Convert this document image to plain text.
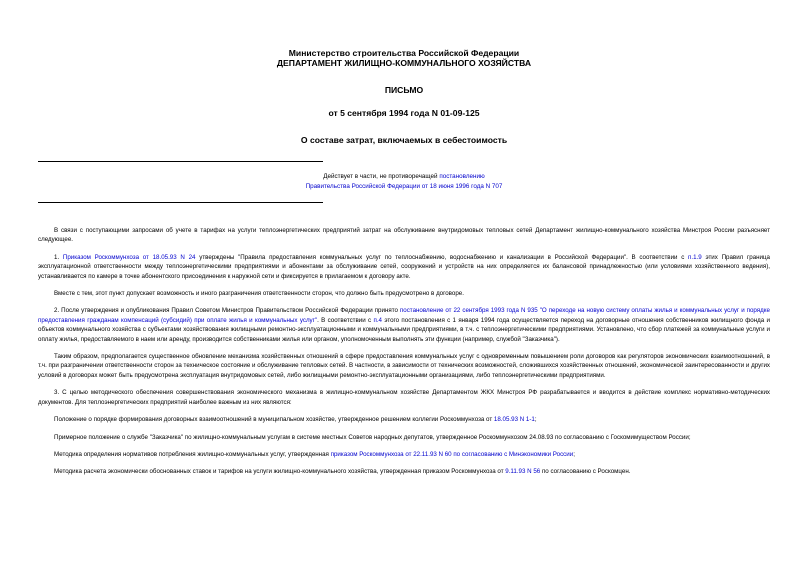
Министерство строительства Российской Федерации

ДЕПАРТАМЕНТ ЖИЛИЩНО-КОММУНАЛЬНОГО ХОЗЯЙСТВА

ПИСЬМО

от 5 сентября 1994 года N 01-09-125

О составе затрат, включаемых в себестоимость

Действует в части, не противоречащей постановлению
Правительства Российской Федерации от 18 июня 1996 года N 707

В связи с поступающими запросами об учете в тарифах на услуги теплоэнергетических предприятий затрат на обслуживание внутридомовых тепловых сетей Департамент жилищно-коммунального хозяйства Минстроя России разъясняет следующее.

1. Приказом Роскоммунхоза от 18.05.93 N 24 утверждены "Правила предоставления коммунальных услуг по теплоснабжению, водоснабжению и канализации в Российской Федерации". В соответствии с п.1.9 этих Правил граница эксплуатационной ответственности между теплоэнергетическими предприятиями и абонентами за обслуживание сетей, сооружений и устройств на них определяется их балансовой принадлежностью (или условиями хозяйственного ведения), устанавливается по камере в точке абонентского присоединения к наружной сети и фиксируется в прилагаемом к договору акте.

Вместе с тем, этот пункт допускает возможность и иного разграничения ответственности сторон, что должно быть предусмотрено в договоре.

2. После утверждения и опубликования Правил Советом Министров Правительством Российской Федерации принято постановление от 22 сентября 1993 года N 935 "О переходе на новую систему оплаты жилья и коммунальных услуг и порядке предоставления гражданам компенсаций (субсидий) при оплате жилья и коммунальных услуг". В соответствии с п.4 этого постановления с 1 января 1994 года осуществляется переход на договорные отношения собственников жилищного фонда и объектов коммунального хозяйства с субъектами хозяйствования жилищными ремонтно-эксплуатационными и коммунальными предприятиями, в т.ч. с теплоэнергетическими предприятиями. Установлено, что сбор платежей за коммунальные услуги и оплату жилья, предоставляемого в наем или аренду, производится собственниками жилья или органом, уполномоченным выполнять эти функции (например, службой "Заказчика").

Таким образом, предполагается существенное обновление механизма хозяйственных отношений в сфере предоставления коммунальных услуг с одновременным повышением роли договоров как регуляторов экономических взаимоотношений, в т.ч. при разграничении ответственности сторон за техническое состояние и обслуживание тепловых сетей. В частности, в зависимости от технических возможностей, сложившихся хозяйственных отношений, экономической заинтересованности и других условий в договорах может быть предусмотрена эксплуатация внутридомовых сетей, либо жилищными ремонтно-эксплуатационными организациями, либо теплоэнергетическими предприятиями.

3. С целью методического обеспечения совершенствования экономического механизма в жилищно-коммунальном хозяйстве Департаментом ЖКХ Минстроя РФ разрабатывается и вводится в действие комплекс нормативно-методических документов. Для теплоэнергетических предприятий наиболее важным из них являются:

Положение о порядке формирования договорных взаимоотношений в муниципальном хозяйстве, утвержденное решением коллегии Роскоммунхоза от 18.05.93 N 1-1;

Примерное положение о службе "Заказчика" по жилищно-коммунальным услугам в системе местных Советов народных депутатов, утвержденное Роскоммунхозом 24.08.93 по согласованию с Госкомимуществом России;

Методика определения нормативов потребления жилищно-коммунальных услуг, утвержденная приказом Роскоммунхоза от 22.11.93 N 60 по согласованию с Минэкономики России;

Методика расчета экономически обоснованных ставок и тарифов на услуги жилищно-коммунального хозяйства, утвержденная приказом Роскоммунхоза от 9.11.93 N 56 по согласованию с Роскомцен.
